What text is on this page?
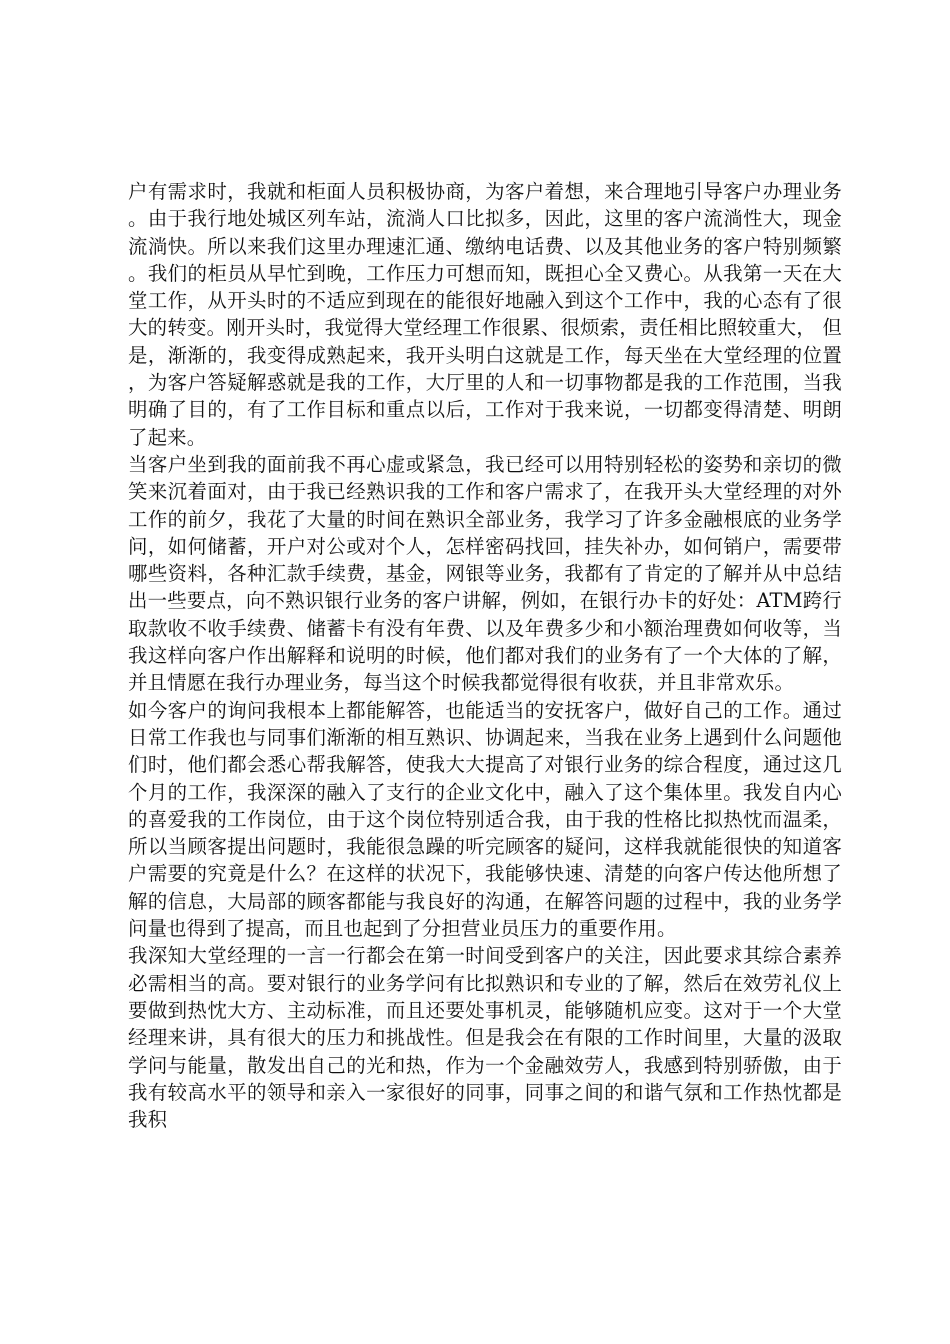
户有需求时，我就和柜面人员积极协商，为客户着想，来合理地引导客户办理业务。由于我行地处城区列车站，流淌人口比拟多，因此，这里的客户流淌性大，现金流淌快。所以来我们这里办理速汇通、缴纳电话费、以及其他业务的客户特别频繁。我们的柜员从早忙到晚，工作压力可想而知，既担心全又费心。从我第一天在大堂工作，从开头时的不适应到现在的能很好地融入到这个工作中，我的心态有了很大的转变。刚开头时，我觉得大堂经理工作很累、很烦索，责任相比照较重大， 但是，渐渐的，我变得成熟起来，我开头明白这就是工作，每天坐在大堂经理的位置，为客户答疑解惑就是我的工作，大厅里的人和一切事物都是我的工作范围，当我明确了目的，有了工作目标和重点以后，工作对于我来说，一切都变得清楚、明朗了起来。

当客户坐到我的面前我不再心虚或紧急，我已经可以用特别轻松的姿势和亲切的微笑来沉着面对，由于我已经熟识我的工作和客户需求了，在我开头大堂经理的对外工作的前夕，我花了大量的时间在熟识全部业务，我学习了许多金融根底的业务学问，如何储蓄，开户对公或对个人，怎样密码找回，挂失补办，如何销户，需要带哪些资料，各种汇款手续费，基金，网银等业务，我都有了肯定的了解并从中总结出一些要点，向不熟识银行业务的客户讲解，例如，在银行办卡的好处：ATM跨行取款收不收手续费、储蓄卡有没有年费、以及年费多少和小额治理费如何收等，当我这样向客户作出解释和说明的时候，他们都对我们的业务有了一个大体的了解，并且情愿在我行办理业务，每当这个时候我都觉得很有收获，并且非常欢乐。

如今客户的询问我根本上都能解答，也能适当的安抚客户，做好自己的工作。通过日常工作我也与同事们渐渐的相互熟识、协调起来，当我在业务上遇到什么问题他们时，他们都会悉心帮我解答，使我大大提高了对银行业务的综合程度，通过这几个月的工作，我深深的融入了支行的企业文化中，融入了这个集体里。我发自内心的喜爱我的工作岗位，由于这个岗位特别适合我，由于我的性格比拟热忱而温柔，所以当顾客提出问题时，我能很急躁的听完顾客的疑问，这样我就能很快的知道客户需要的究竟是什么？在这样的状况下，我能够快速、清楚的向客户传达他所想了解的信息，大局部的顾客都能与我良好的沟通，在解答问题的过程中，我的业务学问量也得到了提高，而且也起到了分担营业员压力的重要作用。

我深知大堂经理的一言一行都会在第一时间受到客户的关注，因此要求其综合素养必需相当的高。要对银行的业务学问有比拟熟识和专业的了解，然后在效劳礼仪上要做到热忱大方、主动标准，而且还要处事机灵，能够随机应变。这对于一个大堂经理来讲，具有很大的压力和挑战性。但是我会在有限的工作时间里，大量的汲取学问与能量，散发出自己的光和热，作为一个金融效劳人，我感到特别骄傲，由于我有较高水平的领导和亲入一家很好的同事，同事之间的和谐气氛和工作热忱都是我积
